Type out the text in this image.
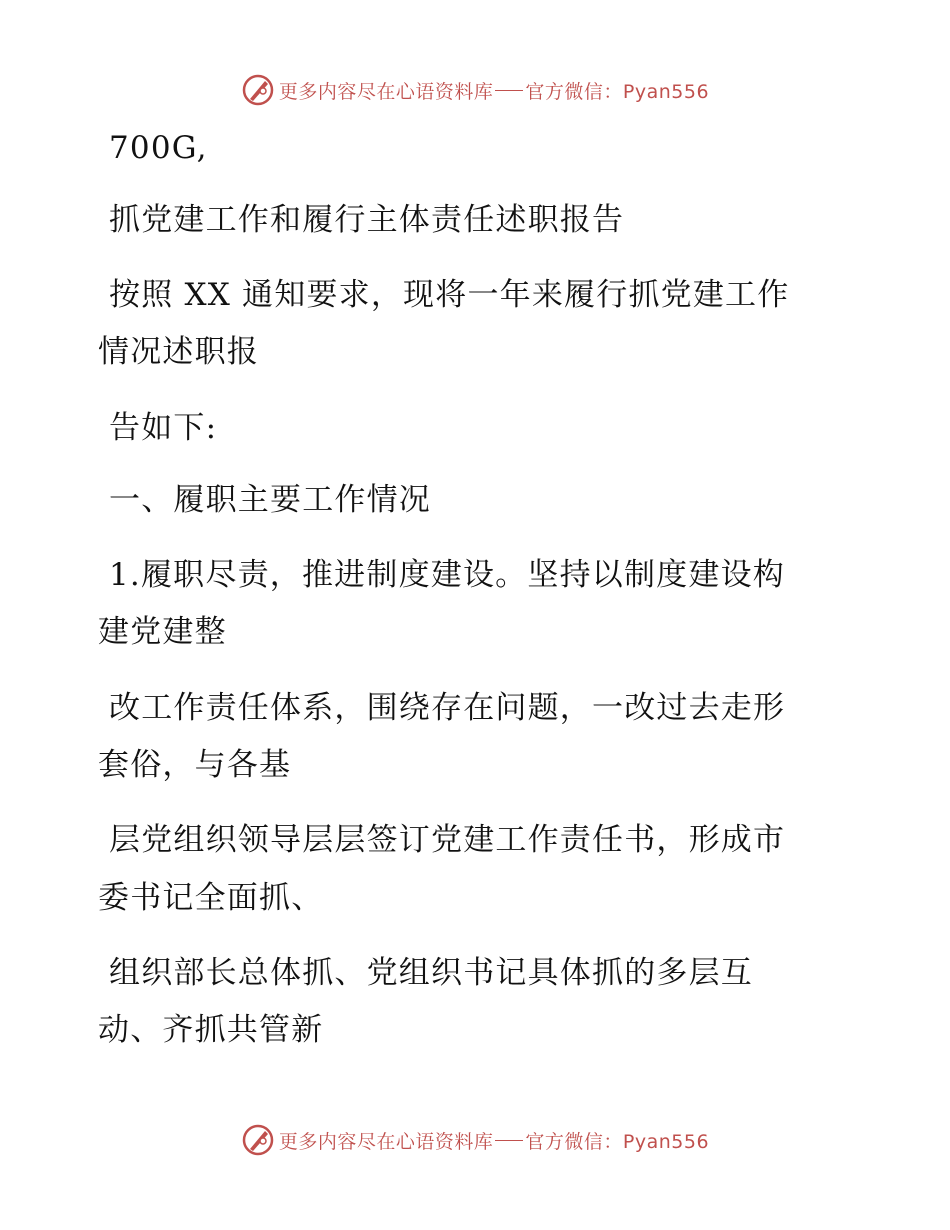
更多内容尽在心语资料库 官方微信：Pyan556
700G,
抓党建工作和履行主体责任述职报告
按照 XX 通知要求，现将一年来履行抓党建工作
情况述职报
告如下:
一、履职主要工作情况
1.履职尽责，推进制度建设。坚持以制度建设构
建党建整
改工作责任体系，围绕存在问题，一改过去走形
套俗，与各基
层党组织领导层层签订党建工作责任书，形成市
委书记全面抓、
组织部长总体抓、党组织书记具体抓的多层互
动、齐抓共管新
更多内容尽在心语资料库 官方微信：Pyan556
